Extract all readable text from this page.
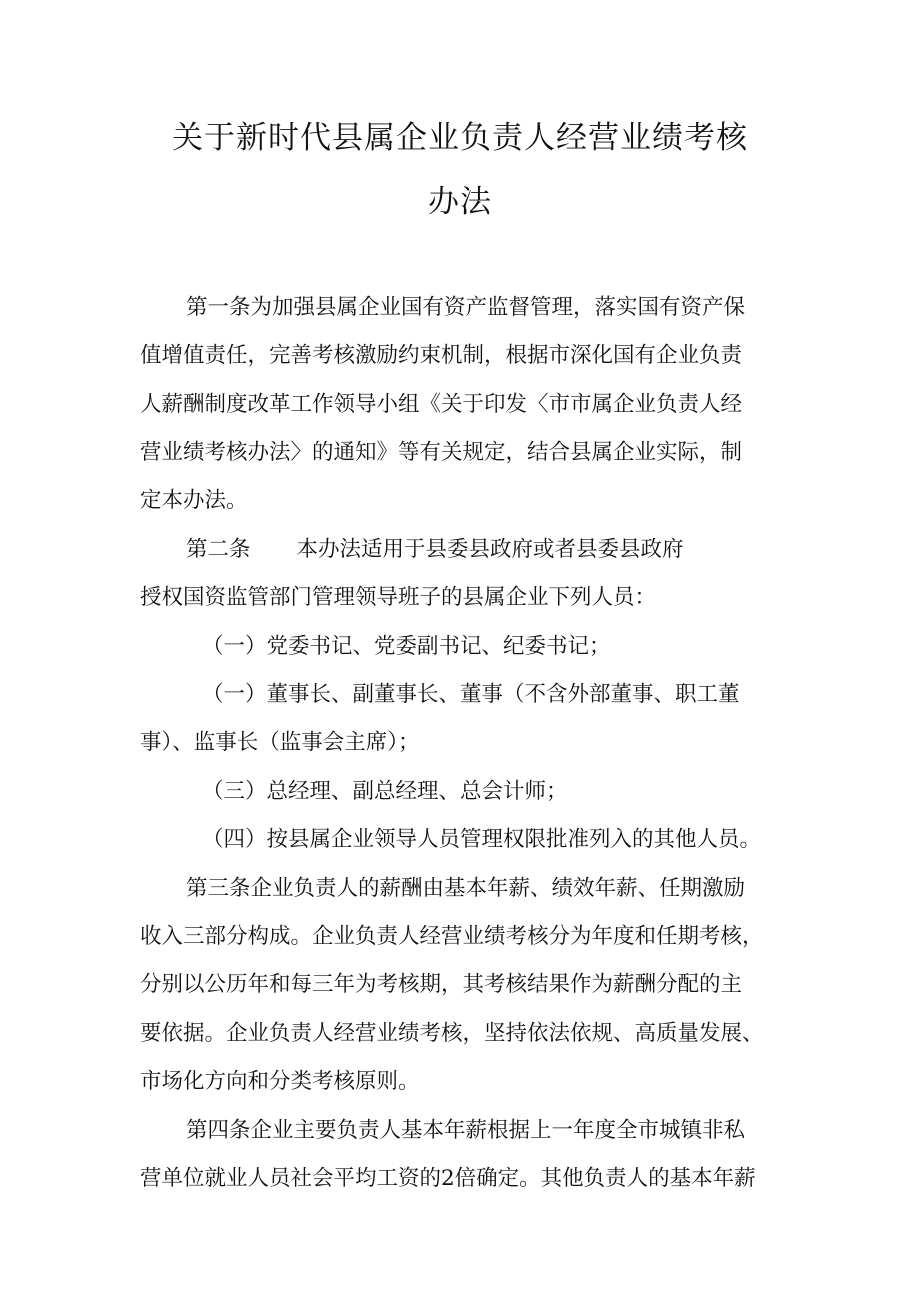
关于新时代县属企业负责人经营业绩考核
办法
第一条为加强县属企业国有资产监督管理，落实国有资产保
值增值责任，完善考核激励约束机制，根据市深化国有企业负责
人薪酬制度改革工作领导小组《关于印发〈市市属企业负责人经
营业绩考核办法〉的通知》等有关规定，结合县属企业实际，制
定本办法。
第二条 本办法适用于县委县政府或者县委县政府
授权国资监管部门管理领导班子的县属企业下列人员：
（一）党委书记、党委副书记、纪委书记；
（一）董事长、副董事长、董事（不含外部董事、职工董
事）、监事长（监事会主席）；
（三）总经理、副总经理、总会计师；
（四）按县属企业领导人员管理权限批准列入的其他人员。
第三条企业负责人的薪酬由基本年薪、绩效年薪、任期激励
收入三部分构成。企业负责人经营业绩考核分为年度和任期考核，
分别以公历年和每三年为考核期，其考核结果作为薪酬分配的主
要依据。企业负责人经营业绩考核，坚持依法依规、高质量发展、
市场化方向和分类考核原则。
第四条企业主要负责人基本年薪根据上一年度全市城镇非私
营单位就业人员社会平均工资的2倍确定。其他负责人的基本年薪
